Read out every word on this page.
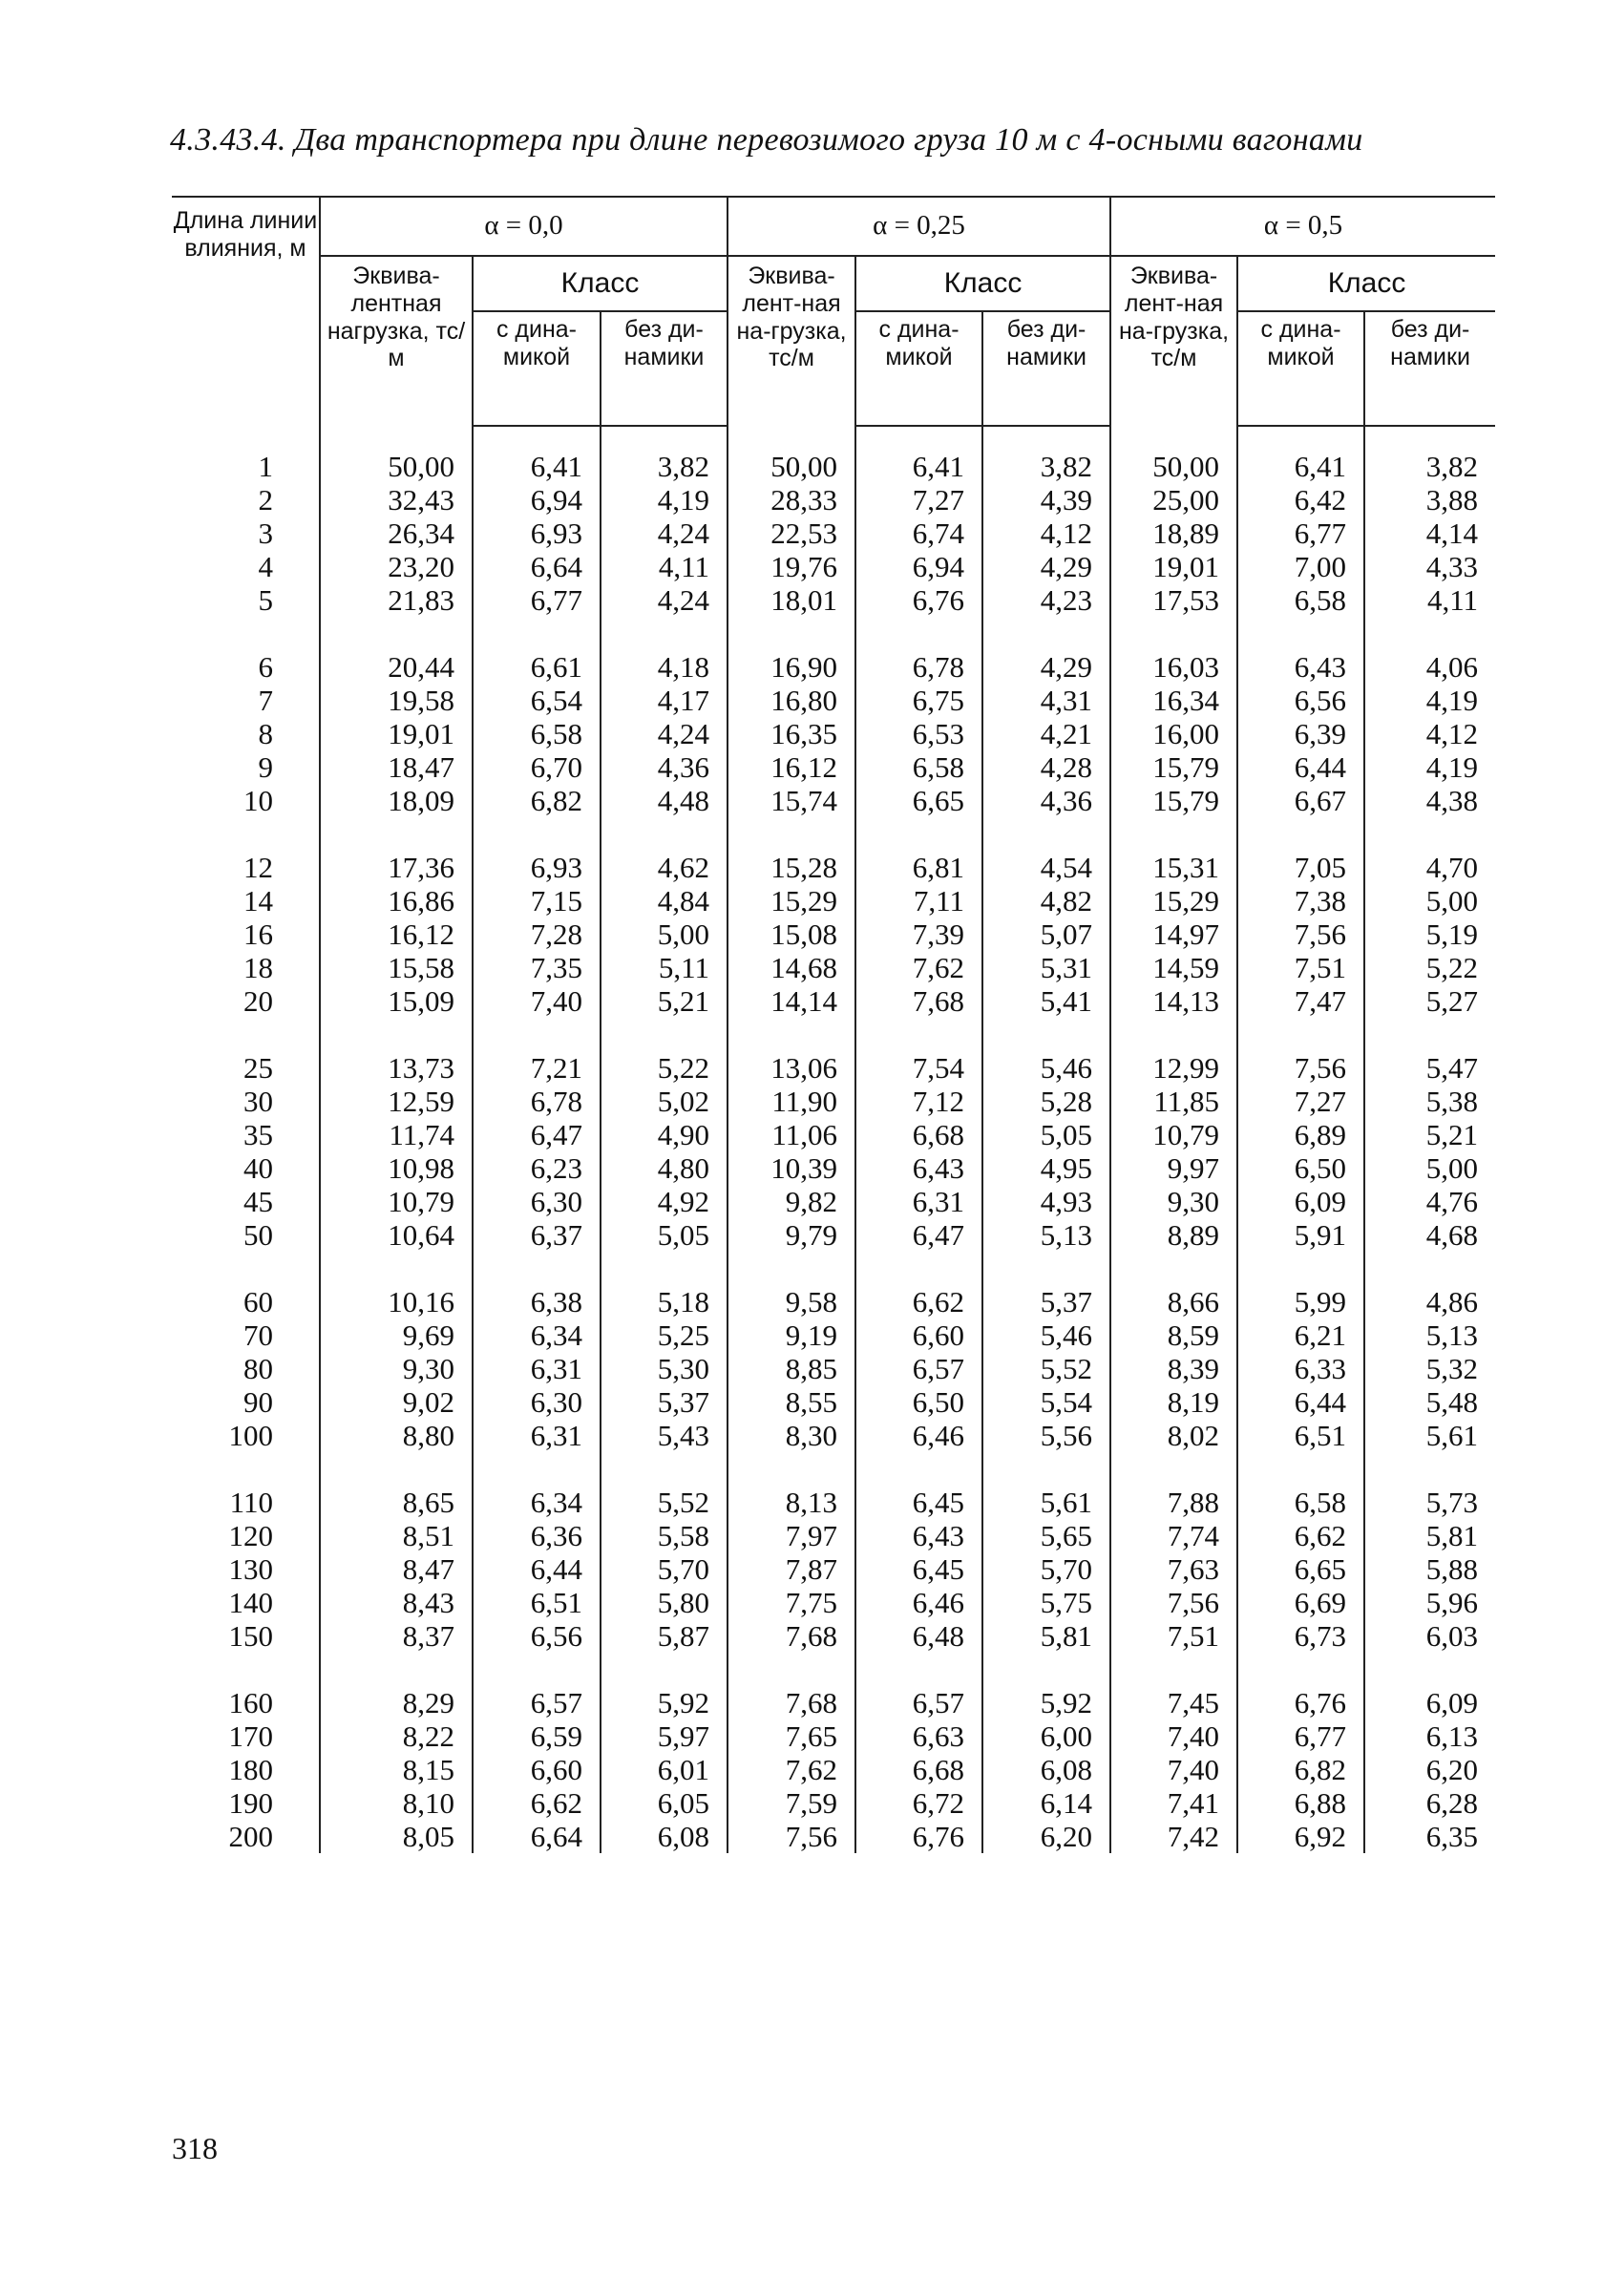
4.3.43.4. Два транспортера при длине перевозимого груза 10 м с 4-осными вагонами
Длина линии влияния, м	α = 0,0			α = 0,25			α = 0,5		
	Эквива-лентная нагрузка, тс/м	Класс		Эквива-лент-ная на-грузка, тс/м	Класс		Эквива-лент-ная на-грузка, тс/м	Класс	
		с дина-микой	без ди-намики		с дина-микой	без ди-намики		с дина-микой	без ди-намики

1	50,00	6,41	3,82	50,00	6,41	3,82	50,00	6,41	3,82
2	32,43	6,94	4,19	28,33	7,27	4,39	25,00	6,42	3,88
3	26,34	6,93	4,24	22,53	6,74	4,12	18,89	6,77	4,14
4	23,20	6,64	4,11	19,76	6,94	4,29	19,01	7,00	4,33
5	21,83	6,77	4,24	18,01	6,76	4,23	17,53	6,58	4,11

6	20,44	6,61	4,18	16,90	6,78	4,29	16,03	6,43	4,06
7	19,58	6,54	4,17	16,80	6,75	4,31	16,34	6,56	4,19
8	19,01	6,58	4,24	16,35	6,53	4,21	16,00	6,39	4,12
9	18,47	6,70	4,36	16,12	6,58	4,28	15,79	6,44	4,19
10	18,09	6,82	4,48	15,74	6,65	4,36	15,79	6,67	4,38

12	17,36	6,93	4,62	15,28	6,81	4,54	15,31	7,05	4,70
14	16,86	7,15	4,84	15,29	7,11	4,82	15,29	7,38	5,00
16	16,12	7,28	5,00	15,08	7,39	5,07	14,97	7,56	5,19
18	15,58	7,35	5,11	14,68	7,62	5,31	14,59	7,51	5,22
20	15,09	7,40	5,21	14,14	7,68	5,41	14,13	7,47	5,27

25	13,73	7,21	5,22	13,06	7,54	5,46	12,99	7,56	5,47
30	12,59	6,78	5,02	11,90	7,12	5,28	11,85	7,27	5,38
35	11,74	6,47	4,90	11,06	6,68	5,05	10,79	6,89	5,21
40	10,98	6,23	4,80	10,39	6,43	4,95	9,97	6,50	5,00
45	10,79	6,30	4,92	9,82	6,31	4,93	9,30	6,09	4,76
50	10,64	6,37	5,05	9,79	6,47	5,13	8,89	5,91	4,68

60	10,16	6,38	5,18	9,58	6,62	5,37	8,66	5,99	4,86
70	9,69	6,34	5,25	9,19	6,60	5,46	8,59	6,21	5,13
80	9,30	6,31	5,30	8,85	6,57	5,52	8,39	6,33	5,32
90	9,02	6,30	5,37	8,55	6,50	5,54	8,19	6,44	5,48
100	8,80	6,31	5,43	8,30	6,46	5,56	8,02	6,51	5,61

110	8,65	6,34	5,52	8,13	6,45	5,61	7,88	6,58	5,73
120	8,51	6,36	5,58	7,97	6,43	5,65	7,74	6,62	5,81
130	8,47	6,44	5,70	7,87	6,45	5,70	7,63	6,65	5,88
140	8,43	6,51	5,80	7,75	6,46	5,75	7,56	6,69	5,96
150	8,37	6,56	5,87	7,68	6,48	5,81	7,51	6,73	6,03

160	8,29	6,57	5,92	7,68	6,57	5,92	7,45	6,76	6,09
170	8,22	6,59	5,97	7,65	6,63	6,00	7,40	6,77	6,13
180	8,15	6,60	6,01	7,62	6,68	6,08	7,40	6,82	6,20
190	8,10	6,62	6,05	7,59	6,72	6,14	7,41	6,88	6,28
200	8,05	6,64	6,08	7,56	6,76	6,20	7,42	6,92	6,35
318
